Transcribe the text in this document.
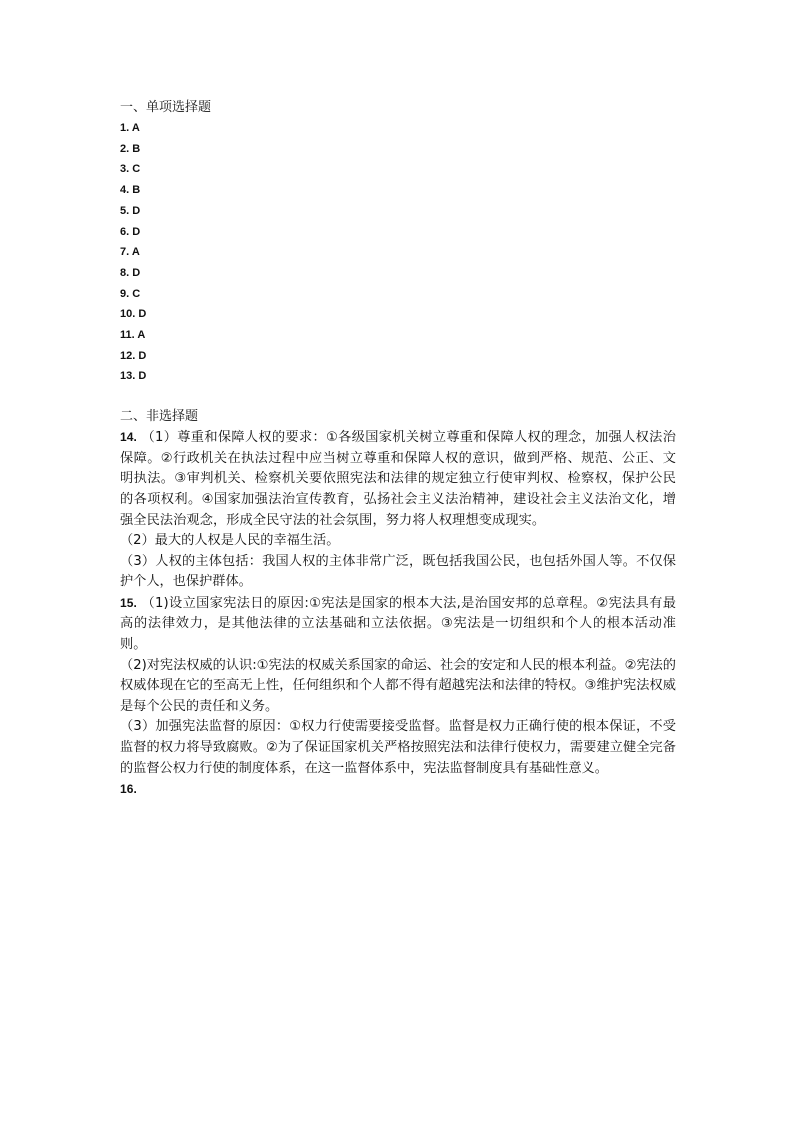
一、单项选择题
1. A
2. B
3. C
4. B
5. D
6. D
7. A
8. D
9. C
10. D
11. A
12. D
13. D
二、非选择题

14. （1）尊重和保障人权的要求：①各级国家机关树立尊重和保障人权的理念，加强人权法治保障。②行政机关在执法过程中应当树立尊重和保障人权的意识，做到严格、规范、公正、文明执法。③审判机关、检察机关要依照宪法和法律的规定独立行使审判权、检察权，保护公民的各项权利。④国家加强法治宣传教育，弘扬社会主义法治精神，建设社会主义法治文化，增强全民法治观念，形成全民守法的社会氛围，努力将人权理想变成现实。

（2）最大的人权是人民的幸福生活。

（3）人权的主体包括：我国人权的主体非常广泛，既包括我国公民，也包括外国人等。不仅保护个人，也保护群体。

15. （1)设立国家宪法日的原因:①宪法是国家的根本大法,是治国安邦的总章程。②宪法具有最高的法律效力，是其他法律的立法基础和立法依据。③宪法是一切组织和个人的根本活动准则。

（2)对宪法权威的认识:①宪法的权威关系国家的命运、社会的安定和人民的根本利益。②宪法的权威体现在它的至高无上性，任何组织和个人都不得有超越宪法和法律的特权。③维护宪法权威是每个公民的责任和义务。

（3）加强宪法监督的原因：①权力行使需要接受监督。监督是权力正确行使的根本保证，不受监督的权力将导致腐败。②为了保证国家机关严格按照宪法和法律行使权力，需要建立健全完备的监督公权力行使的制度体系，在这一监督体系中，宪法监督制度具有基础性意义。

16.
